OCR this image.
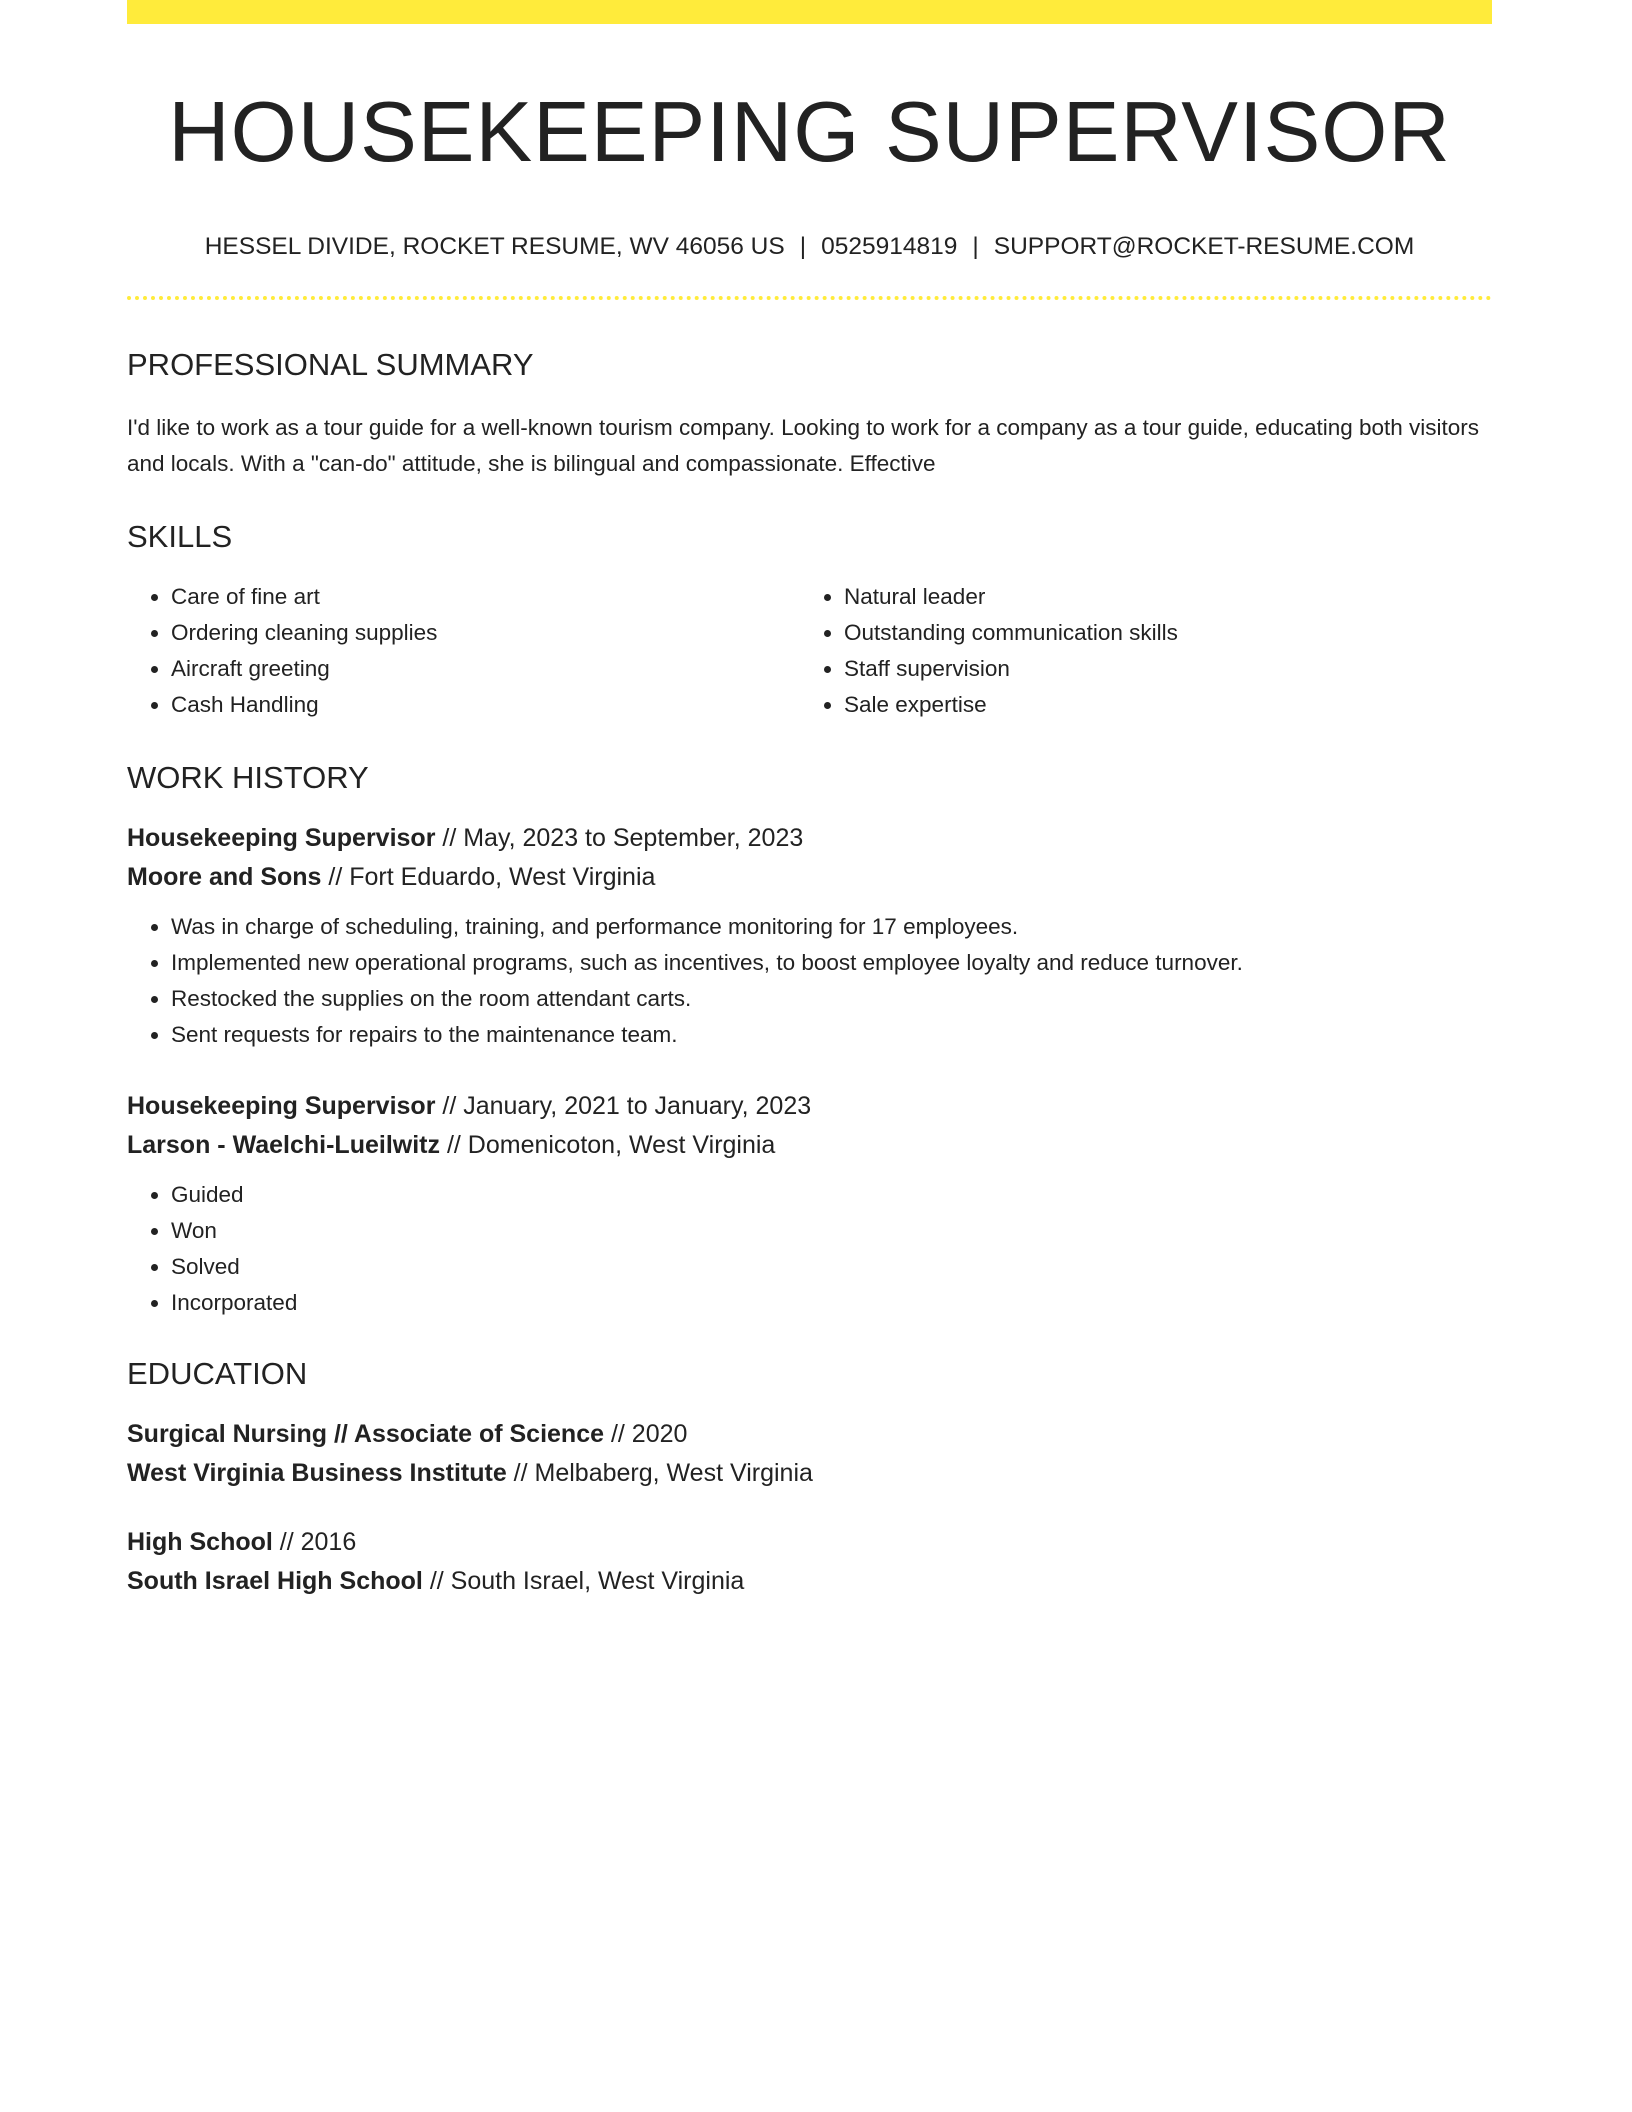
HOUSEKEEPING SUPERVISOR
HESSEL DIVIDE, ROCKET RESUME, WV 46056 US | 0525914819 | SUPPORT@ROCKET-RESUME.COM
PROFESSIONAL SUMMARY
I'd like to work as a tour guide for a well-known tourism company. Looking to work for a company as a tour guide, educating both visitors and locals. With a "can-do" attitude, she is bilingual and compassionate. Effective
SKILLS
• Care of fine art
• Ordering cleaning supplies
• Aircraft greeting
• Cash Handling
• Natural leader
• Outstanding communication skills
• Staff supervision
• Sale expertise
WORK HISTORY
Housekeeping Supervisor // May, 2023 to September, 2023
Moore and Sons // Fort Eduardo, West Virginia
• Was in charge of scheduling, training, and performance monitoring for 17 employees.
• Implemented new operational programs, such as incentives, to boost employee loyalty and reduce turnover.
• Restocked the supplies on the room attendant carts.
• Sent requests for repairs to the maintenance team.
Housekeeping Supervisor // January, 2021 to January, 2023
Larson - Waelchi-Lueilwitz // Domenicoton, West Virginia
• Guided
• Won
• Solved
• Incorporated
EDUCATION
Surgical Nursing // Associate of Science // 2020
West Virginia Business Institute // Melbaberg, West Virginia
High School // 2016
South Israel High School // South Israel, West Virginia
